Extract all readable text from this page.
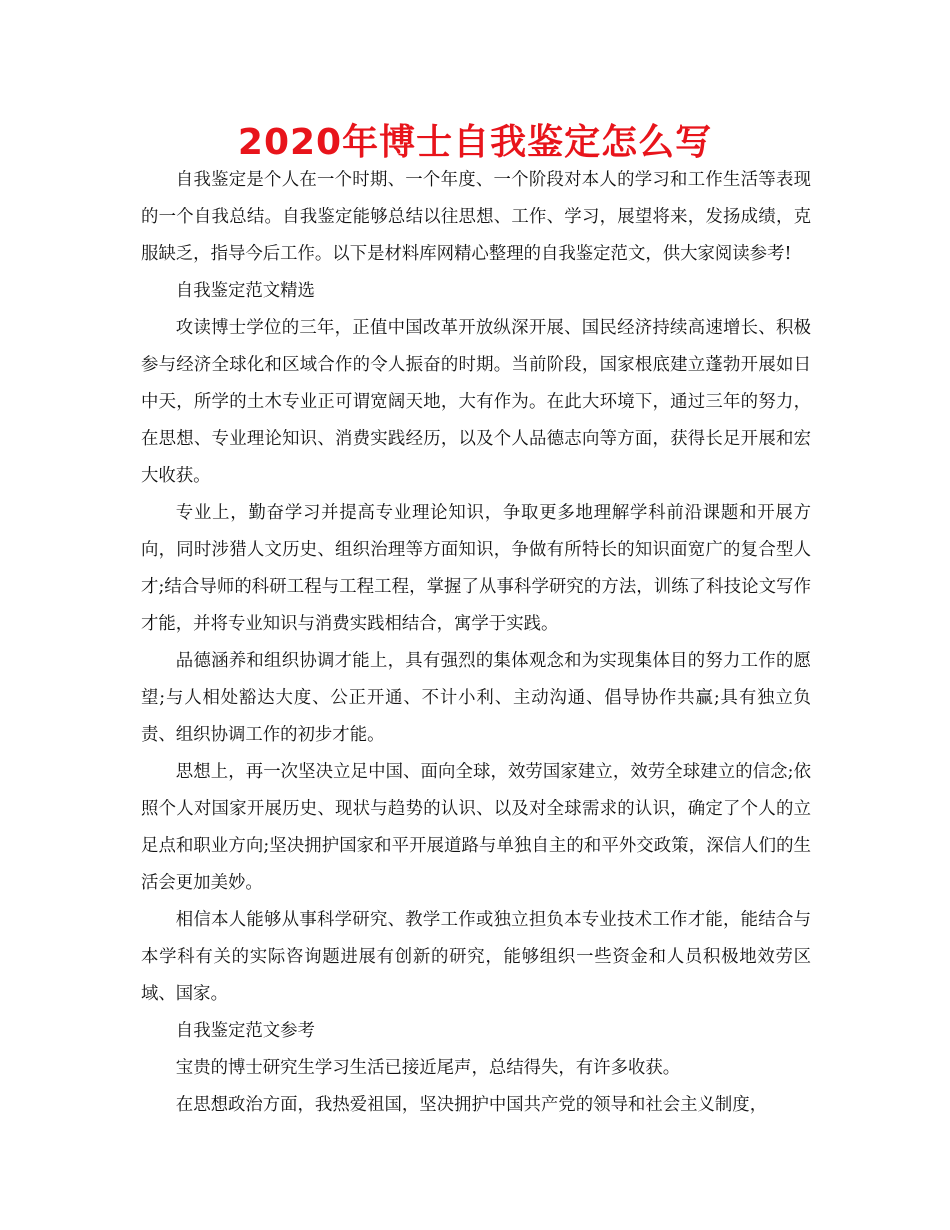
2020年博士自我鉴定怎么写

自我鉴定是个人在一个时期、一个年度、一个阶段对本人的学习和工作生活等表现的一个自我总结。自我鉴定能够总结以往思想、工作、学习，展望将来，发扬成绩，克服缺乏，指导今后工作。以下是材料库网精心整理的自我鉴定范文，供大家阅读参考!

自我鉴定范文精选

攻读博士学位的三年，正值中国改革开放纵深开展、国民经济持续高速增长、积极参与经济全球化和区域合作的令人振奋的时期。当前阶段，国家根底建立蓬勃开展如日中天，所学的土木专业正可谓宽阔天地，大有作为。在此大环境下，通过三年的努力，在思想、专业理论知识、消费实践经历，以及个人品德志向等方面，获得长足开展和宏大收获。

专业上，勤奋学习并提高专业理论知识，争取更多地理解学科前沿课题和开展方向，同时涉猎人文历史、组织治理等方面知识，争做有所特长的知识面宽广的复合型人才;结合导师的科研工程与工程工程，掌握了从事科学研究的方法，训练了科技论文写作才能，并将专业知识与消费实践相结合，寓学于实践。

品德涵养和组织协调才能上，具有强烈的集体观念和为实现集体目的努力工作的愿望;与人相处豁达大度、公正开通、不计小利、主动沟通、倡导协作共赢;具有独立负责、组织协调工作的初步才能。

思想上，再一次坚决立足中国、面向全球，效劳国家建立，效劳全球建立的信念;依照个人对国家开展历史、现状与趋势的认识、以及对全球需求的认识，确定了个人的立足点和职业方向;坚决拥护国家和平开展道路与单独自主的和平外交政策，深信人们的生活会更加美妙。

相信本人能够从事科学研究、教学工作或独立担负本专业技术工作才能，能结合与本学科有关的实际咨询题进展有创新的研究，能够组织一些资金和人员积极地效劳区域、国家。

自我鉴定范文参考

宝贵的博士研究生学习生活已接近尾声，总结得失，有许多收获。

在思想政治方面，我热爱祖国，坚决拥护中国共产党的领导和社会主义制度，
